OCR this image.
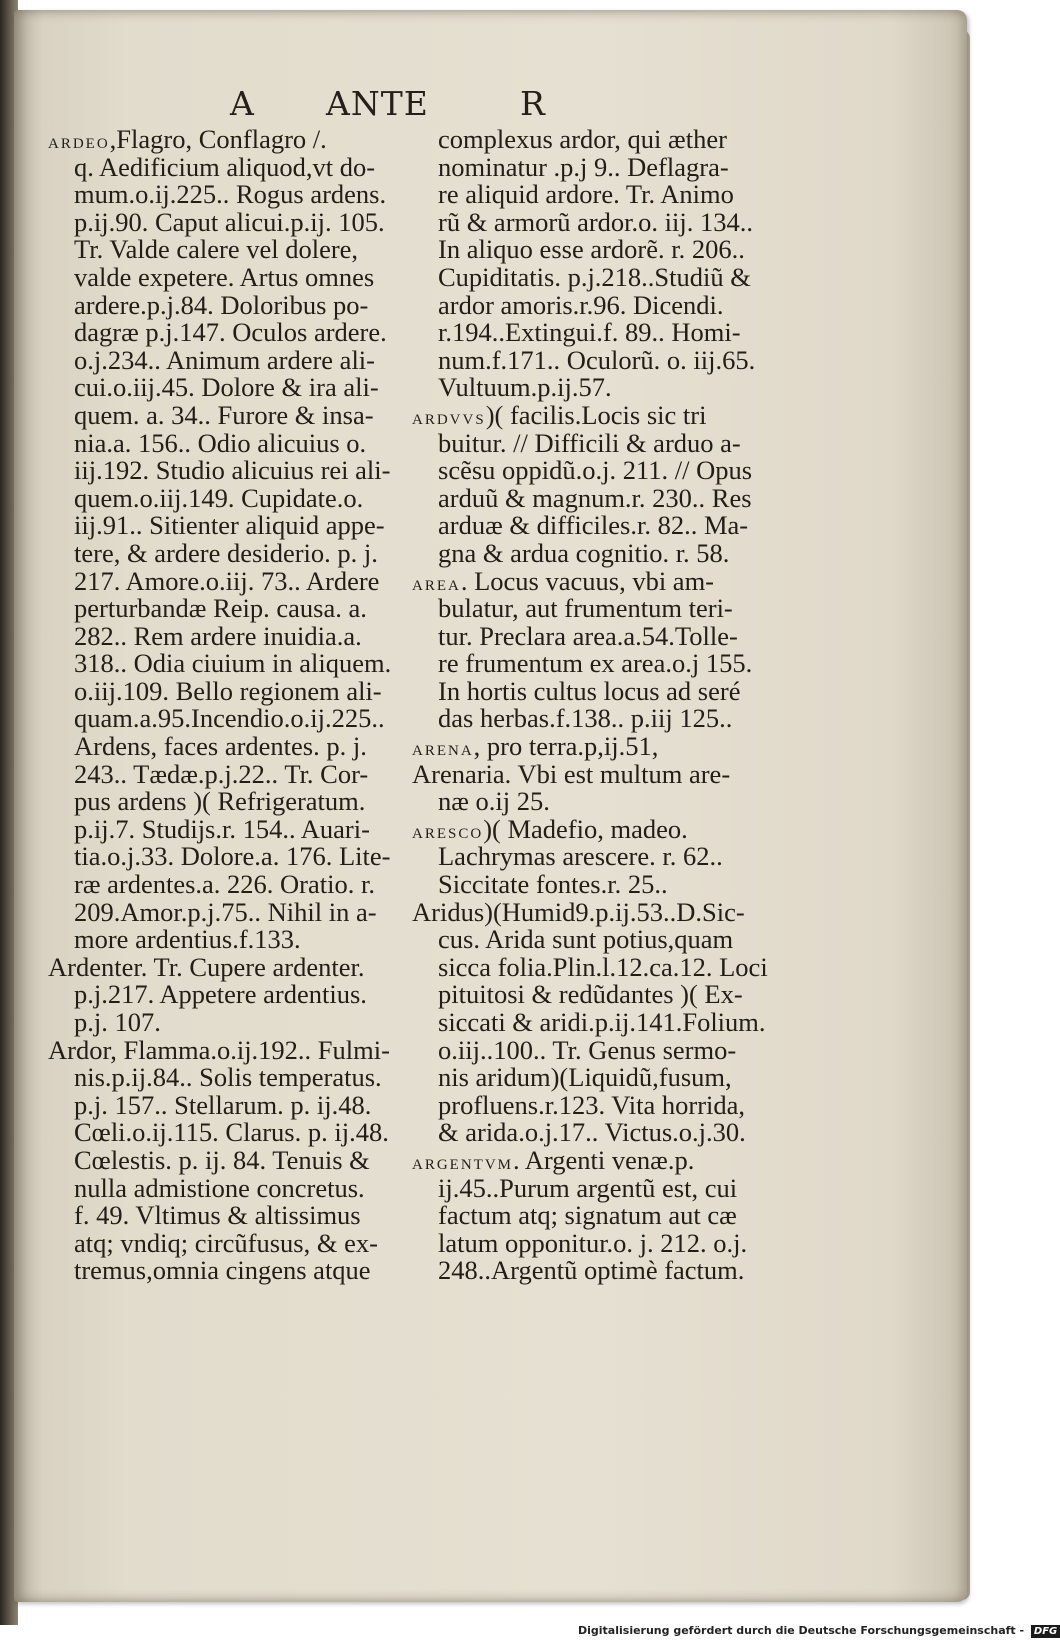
A ANTE	R
ARDEO,Flagro, Conflagro /.
q. Aedificium aliquod,vt do-
mum.o.ij.225.. Rogus ardens.
p.ij.90. Caput alicui.p.ij. 105.
Tr. Valde calere vel dolere,
valde expetere. Artus omnes
ardere.p.j.84. Doloribus po-
dagræ p.j.147. Oculos ardere.
o.j.234.. Animum ardere ali-
cui.o.iij.45. Dolore & ira ali-
quem. a. 34.. Furore & insa-
nia.a. 156.. Odio alicuius o.
iij.192. Studio alicuius rei ali-
quem.o.iij.149. Cupidate.o.
iij.91.. Sitienter aliquid appe-
tere, & ardere desiderio. p. j.
217. Amore.o.iij. 73.. Ardere
perturbandæ Reip. causa. a.
282.. Rem ardere inuidia.a.
318.. Odia ciuium in aliquem.
o.iij.109. Bello regionem ali-
quam.a.95.Incendio.o.ij.225..
Ardens, faces ardentes. p. j.
243.. Tædæ.p.j.22.. Tr. Cor-
pus ardens )( Refrigeratum.
p.ij.7. Studijs.r. 154.. Auari-
tia.o.j.33. Dolore.a. 176. Lite-
ræ ardentes.a. 226. Oratio. r.
209.Amor.p.j.75.. Nihil in a-
more ardentius.f.133.
Ardenter. Tr. Cupere ardenter.
p.j.217. Appetere ardentius.
p.j. 107.
Ardor, Flamma.o.ij.192.. Fulmi-
nis.p.ij.84.. Solis temperatus.
p.j. 157.. Stellarum. p. ij.48.
Cœli.o.ij.115. Clarus. p. ij.48.
Cœlestis. p. ij. 84. Tenuis &
nulla admistione concretus.
f. 49. Vltimus & altissimus
atq; vndiq; circũfusus, & ex-
tremus,omnia cingens atque
complexus ardor, qui æther
nominatur .p.j 9.. Deflagra-
re aliquid ardore. Tr. Animo
rũ & armorũ ardor.o. iij. 134..
In aliquo esse ardorẽ. r. 206..
Cupiditatis. p.j.218..Studiũ &
ardor amoris.r.96. Dicendi.
r.194..Extingui.f. 89.. Homi-
num.f.171.. Oculorũ. o. iij.65.
Vultuum.p.ij.57.
ARDVVS)( facilis.Locis sic tri
buitur. // Difficili & arduo a-
scẽsu oppidũ.o.j. 211. // Opus
arduũ & magnum.r. 230.. Res
arduæ & difficiles.r. 82.. Ma-
gna & ardua cognitio. r. 58.
AREA. Locus vacuus, vbi am-
bulatur, aut frumentum teri-
tur. Preclara area.a.54.Tolle-
re frumentum ex area.o.j 155.
In hortis cultus locus ad seré
das herbas.f.138.. p.iij 125..
ARENA, pro terra.p,ij.51,
Arenaria. Vbi est multum are-
næ o.ij 25.
ARESCO)( Madefio, madeo.
Lachrymas arescere. r. 62..
Siccitate fontes.r. 25..
Aridus)(Humid9.p.ij.53..D.Sic-
cus. Arida sunt potius,quam
sicca folia.Plin.l.12.ca.12. Loci
pituitosi & redũdantes )( Ex-
siccati & aridi.p.ij.141.Folium.
o.iij..100.. Tr. Genus sermo-
nis aridum)(Liquidũ,fusum,
profluens.r.123. Vita horrida,
& arida.o.j.17.. Victus.o.j.30.
ARGENTVM. Argenti venæ.p.
ij.45..Purum argentũ est, cui
factum atq; signatum aut cæ
latum opponitur.o. j. 212. o.j.
248..Argentũ optimè factum.
Digitalisierung gefördert durch die Deutsche Forschungsgemeinschaft - DFG
